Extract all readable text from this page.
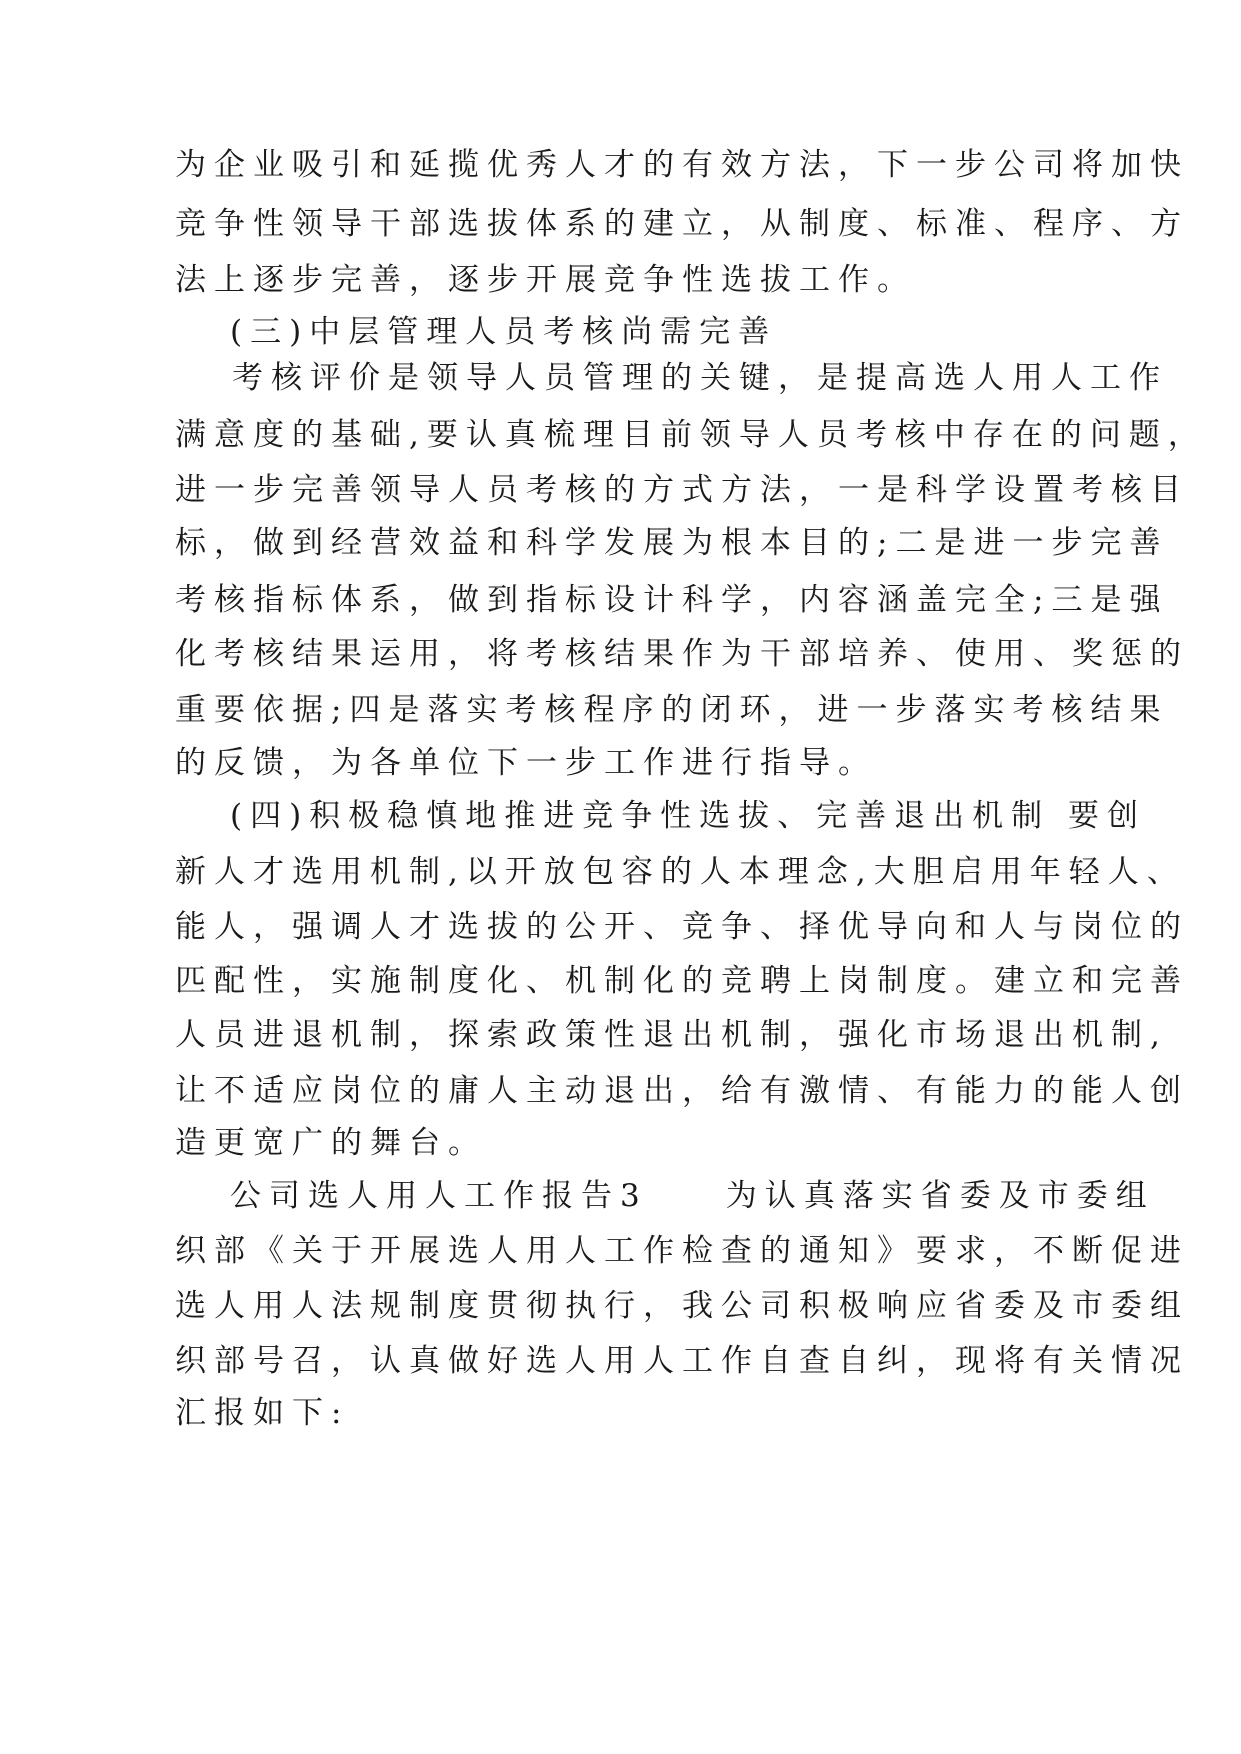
为企业吸引和延揽优秀人才的有效方法，下一步公司将加快
竞争性领导干部选拔体系的建立，从制度、标准、程序、方
法上逐步完善，逐步开展竞争性选拔工作。
(三)中层管理人员考核尚需完善
考核评价是领导人员管理的关键，是提高选人用人工作
满意度的基础,要认真梳理目前领导人员考核中存在的问题，
进一步完善领导人员考核的方式方法，一是科学设置考核目
标，做到经营效益和科学发展为根本目的;二是进一步完善
考核指标体系，做到指标设计科学，内容涵盖完全;三是强
化考核结果运用，将考核结果作为干部培养、使用、奖惩的
重要依据;四是落实考核程序的闭环，进一步落实考核结果
的反馈，为各单位下一步工作进行指导。
(四)积极稳慎地推进竞争性选拔、完善退出机制 要创
新人才选用机制,以开放包容的人本理念,大胆启用年轻人、
能人，强调人才选拔的公开、竞争、择优导向和人与岗位的
匹配性，实施制度化、机制化的竞聘上岗制度。建立和完善
人员进退机制，探索政策性退出机制，强化市场退出机制,
让不适应岗位的庸人主动退出，给有激情、有能力的能人创
造更宽广的舞台。
公司选人用人工作报告3　　为认真落实省委及市委组
织部《关于开展选人用人工作检查的通知》要求，不断促进
选人用人法规制度贯彻执行，我公司积极响应省委及市委组
织部号召，认真做好选人用人工作自查自纠，现将有关情况
汇报如下:
